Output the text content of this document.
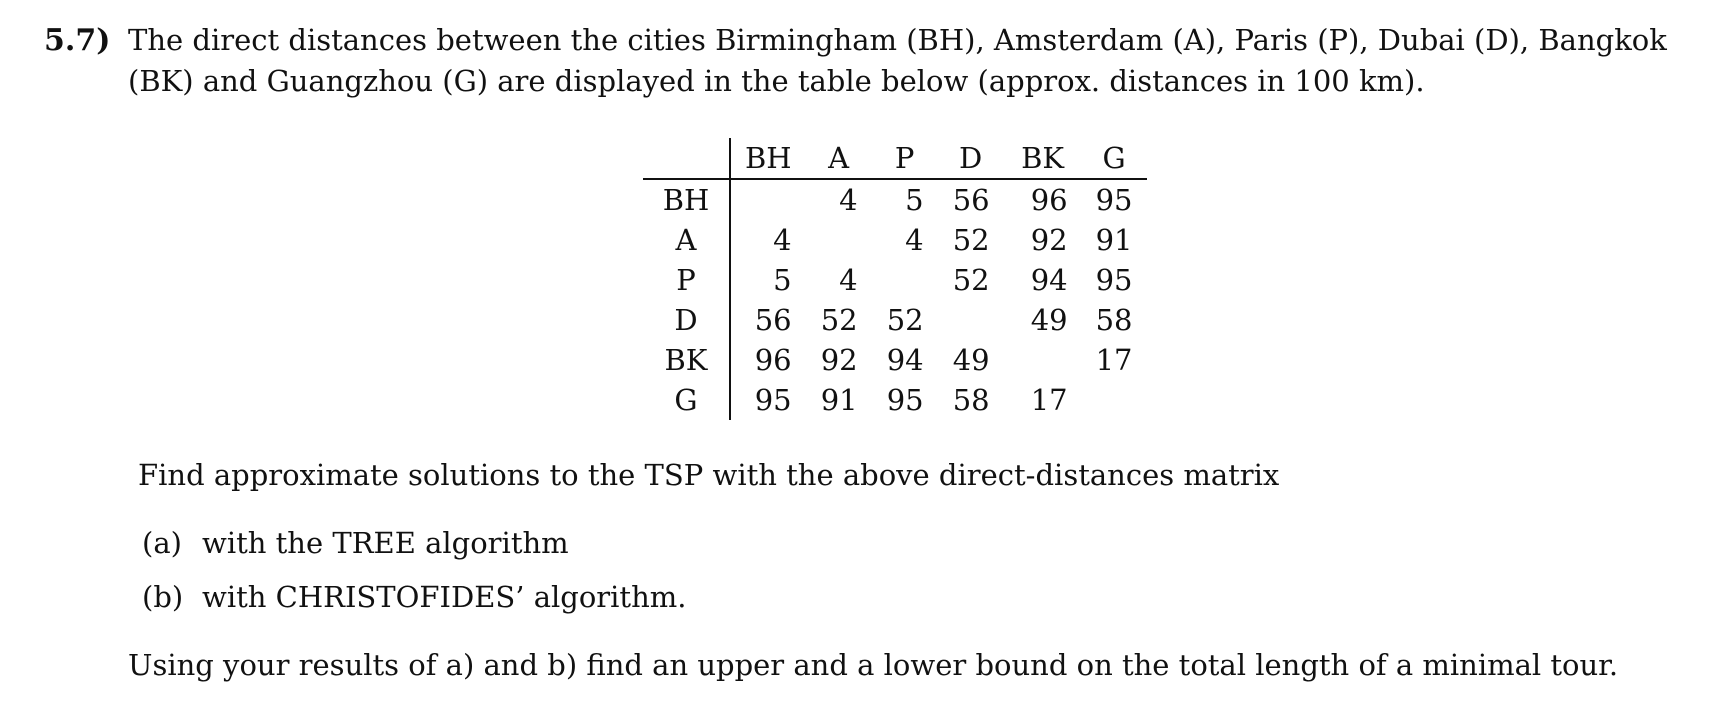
5.7) The direct distances between the cities Birmingham (BH), Amsterdam (A), Paris (P), Dubai (D), Bangkok
(BK) and Guangzhou (G) are displayed in the table below (approx. distances in 100 km).
	BH	A	P	D	BK	G
BH		4	5	56	96	95
A	4		4	52	92	91
P	5	4		52	94	95
D	56	52	52		49	58
BK	96	92	94	49		17
G	95	91	95	58	17	
Find approximate solutions to the TSP with the above direct-distances matrix
(a) with the TREE algorithm
(b) with CHRISTOFIDES’ algorithm.
Using your results of a) and b) find an upper and a lower bound on the total length of a minimal tour.
